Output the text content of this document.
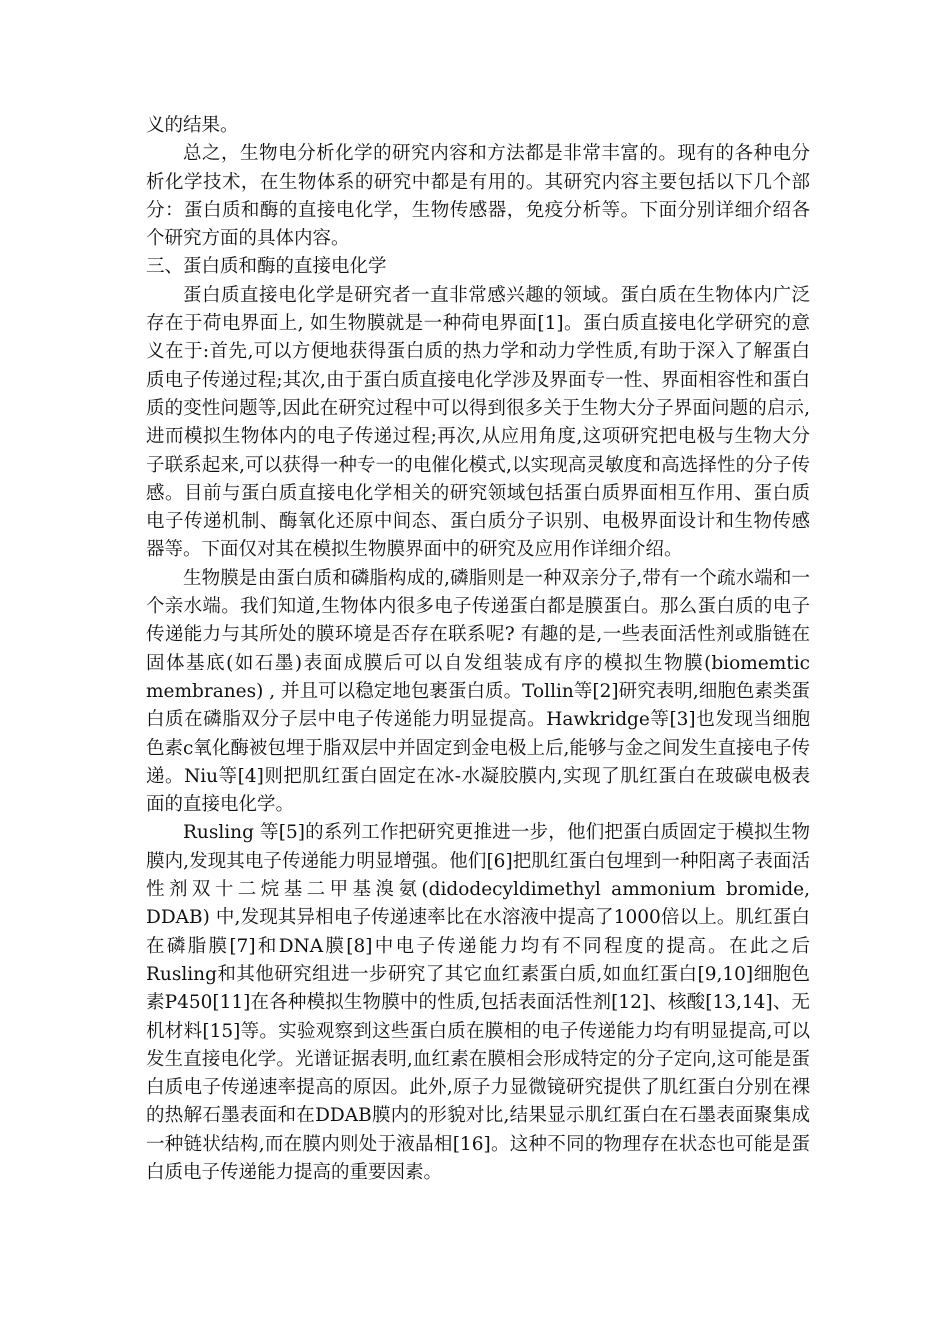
义的结果。

总之，生物电分析化学的研究内容和方法都是非常丰富的。现有的各种电分析化学技术，在生物体系的研究中都是有用的。其研究内容主要包括以下几个部分：蛋白质和酶的直接电化学，生物传感器，免疫分析等。下面分别详细介绍各个研究方面的具体内容。

三、蛋白质和酶的直接电化学

蛋白质直接电化学是研究者一直非常感兴趣的领域。蛋白质在生物体内广泛存在于荷电界面上, 如生物膜就是一种荷电界面[1]。蛋白质直接电化学研究的意义在于:首先,可以方便地获得蛋白质的热力学和动力学性质,有助于深入了解蛋白质电子传递过程;其次,由于蛋白质直接电化学涉及界面专一性、界面相容性和蛋白质的变性问题等,因此在研究过程中可以得到很多关于生物大分子界面问题的启示,进而模拟生物体内的电子传递过程;再次,从应用角度,这项研究把电极与生物大分子联系起来,可以获得一种专一的电催化模式,以实现高灵敏度和高选择性的分子传感。目前与蛋白质直接电化学相关的研究领域包括蛋白质界面相互作用、蛋白质电子传递机制、酶氧化还原中间态、蛋白质分子识别、电极界面设计和生物传感器等。下面仅对其在模拟生物膜界面中的研究及应用作详细介绍。

生物膜是由蛋白质和磷脂构成的,磷脂则是一种双亲分子,带有一个疏水端和一个亲水端。我们知道,生物体内很多电子传递蛋白都是膜蛋白。那么蛋白质的电子传递能力与其所处的膜环境是否存在联系呢? 有趣的是,一些表面活性剂或脂链在固体基底(如石墨)表面成膜后可以自发组装成有序的模拟生物膜(biomemtic membranes) , 并且可以稳定地包裹蛋白质。Tollin等[2]研究表明,细胞色素类蛋白质在磷脂双分子层中电子传递能力明显提高。Hawkridge等[3]也发现当细胞色素c氧化酶被包埋于脂双层中并固定到金电极上后,能够与金之间发生直接电子传递。Niu等[4]则把肌红蛋白固定在冰-水凝胶膜内,实现了肌红蛋白在玻碳电极表面的直接电化学。

Rusling 等[5]的系列工作把研究更推进一步，他们把蛋白质固定于模拟生物膜内,发现其电子传递能力明显增强。他们[6]把肌红蛋白包埋到一种阳离子表面活性剂双十二烷基二甲基溴氨(didodecyldimethyl ammonium bromide, DDAB) 中,发现其异相电子传递速率比在水溶液中提高了1000倍以上。肌红蛋白在磷脂膜[7]和DNA膜[8]中电子传递能力均有不同程度的提高。在此之后Rusling和其他研究组进一步研究了其它血红素蛋白质,如血红蛋白[9,10]细胞色素P450[11]在各种模拟生物膜中的性质,包括表面活性剂[12]、核酸[13,14]、无机材料[15]等。实验观察到这些蛋白质在膜相的电子传递能力均有明显提高,可以发生直接电化学。光谱证据表明,血红素在膜相会形成特定的分子定向,这可能是蛋白质电子传递速率提高的原因。此外,原子力显微镜研究提供了肌红蛋白分别在裸的热解石墨表面和在DDAB膜内的形貌对比,结果显示肌红蛋白在石墨表面聚集成一种链状结构,而在膜内则处于液晶相[16]。这种不同的物理存在状态也可能是蛋白质电子传递能力提高的重要因素。
